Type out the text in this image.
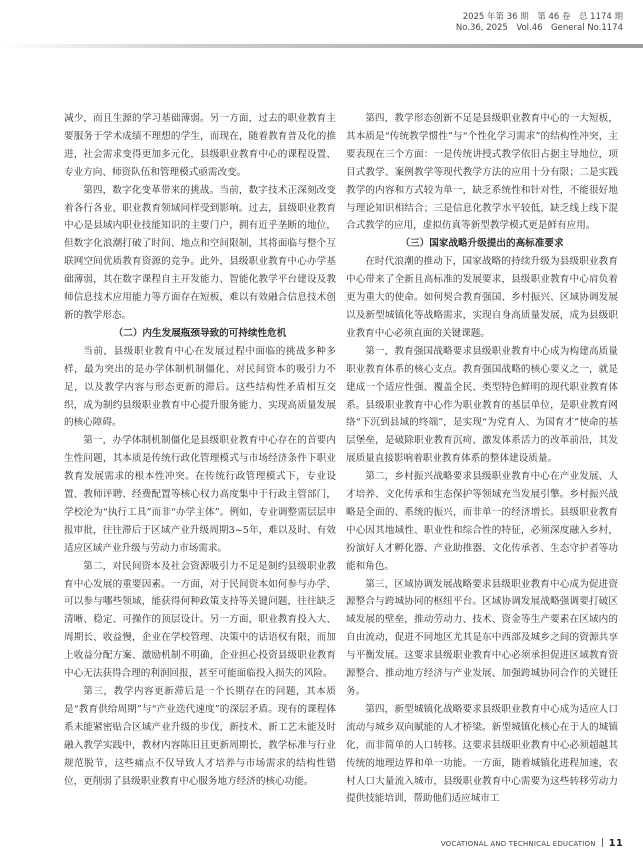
2025 年第 36 期　第 46 卷　总 1174 期
No.36, 2025　Vol.46　General No.1174

减少，而且生源的学习基础薄弱。另一方面，过去的职业教育主要服务于学术成绩不理想的学生，而现在，随着教育普及化的推进，社会需求变得更加多元化，县级职业教育中心的课程设置、专业方向、师资队伍和管理模式亟需改变。

第四，数字化变革带来的挑战。当前，数字技术正深刻改变着各行各业，职业教育领域同样受到影响。过去，县级职业教育中心是县域内职业技能知识的主要门户，拥有近乎垄断的地位，但数字化浪潮打破了时间、地点和空间限制，其将面临与整个互联网空间优质教育资源的竞争。此外，县级职业教育中心办学基础薄弱，其在数字课程自主开发能力、智能化教学平台建设及教师信息技术应用能力等方面存在短板，难以有效融合信息技术创新的教学形态。

（二）内生发展瓶颈导致的可持续性危机

当前，县级职业教育中心在发展过程中面临的挑战多种多样，最为突出的是办学体制机制僵化、对民间资本的吸引力不足，以及教学内容与形态更新的滞后。这些结构性矛盾相互交织，成为制约县级职业教育中心提升服务能力、实现高质量发展的核心障碍。

第一，办学体制机制僵化是县级职业教育中心存在的首要内生性问题，其本质是传统行政化管理模式与市场经济条件下职业教育发展需求的根本性冲突。在传统行政管理模式下，专业设置、教师评聘、经费配置等核心权力高度集中于行政主管部门，学校沦为“执行工具”而非“办学主体”。例如，专业调整需层层申报审批，往往滞后于区域产业升级周期3~5年，难以及时、有效适应区域产业升级与劳动力市场需求。

第二，对民间资本及社会资源吸引力不足是制约县级职业教育中心发展的重要因素。一方面，对于民间资本如何参与办学、可以参与哪些领域，能获得何种政策支持等关键问题，往往缺乏清晰、稳定、可操作的顶层设计。另一方面，职业教育投入大、周期长、收益慢，企业在学校管理、决策中的话语权有限，而加上收益分配方案、激励机制不明确，企业担心投资县级职业教育中心无法获得合理的利润回报，甚至可能面临投入损失的风险。

第三，教学内容更新滞后是一个长期存在的问题，其本质是“教育供给周期”与“产业迭代速度”的深层矛盾。现有的课程体系未能紧密贴合区域产业升级的步伐，新技术、新工艺未能及时融入教学实践中，教材内容陈旧且更新周期长，教学标准与行业规范脱节，这些痛点不仅导致人才培养与市场需求的结构性错位，更削弱了县级职业教育中心服务地方经济的核心功能。

第四，教学形态创新不足是县级职业教育中心的一大短板，其本质是“传统教学惯性”与“个性化学习需求”的结构性冲突，主要表现在三个方面：一是传统讲授式教学依旧占据主导地位，项目式教学、案例教学等现代教学方法的应用十分有限；二是实践教学的内容和方式较为单一，缺乏系统性和针对性，不能很好地与理论知识相结合；三是信息化教学水平较低，缺乏线上线下混合式教学的应用，虚拟仿真等新型教学模式更是鲜有应用。

（三）国家战略升级提出的高标准要求

在时代浪潮的推动下，国家战略的持续升级为县级职业教育中心带来了全新且高标准的发展要求，县级职业教育中心肩负着更为重大的使命。如何契合教育强国、乡村振兴、区域协调发展以及新型城镇化等战略需求，实现自身高质量发展，成为县级职业教育中心必须直面的关键课题。

第一，教育强国战略要求县级职业教育中心成为构建高质量职业教育体系的核心支点。教育强国战略的核心要义之一，就是建成一个适应性强、覆盖全民、类型特色鲜明的现代职业教育体系。县级职业教育中心作为职业教育的基层单位，是职业教育网络“下沉到县域的终端”，是实现“为党育人、为国育才”使命的基层堡垒，是破除职业教育沉疴、激发体系活力的改革前沿，其发展质量直接影响着职业教育体系的整体建设质量。

第二，乡村振兴战略要求县级职业教育中心在产业发展、人才培养、文化传承和生态保护等领域充当发展引擎。乡村振兴战略是全面的、系统的振兴，而非单一的经济增长。县级职业教育中心因其地域性、职业性和综合性的特征，必须深度融入乡村，扮演好人才孵化器、产业助推器、文化传承者、生态守护者等功能和角色。

第三，区域协调发展战略要求县级职业教育中心成为促进资源整合与跨城协同的枢纽平台。区域协调发展战略强调要打破区域发展的壁垒，推动劳动力、技术、资金等生产要素在区域内的自由流动，促进不同地区尤其是东中西部及城乡之间的资源共享与平衡发展。这要求县级职业教育中心必须承担促进区域教育资源整合、推动地方经济与产业发展、加强跨城协同合作的关键任务。

第四，新型城镇化战略要求县级职业教育中心成为适应人口流动与城乡双向赋能的人才桥梁。新型城镇化核心在于人的城镇化，而非简单的人口转移。这要求县级职业教育中心必须超越其传统的地理边界和单一功能。一方面，随着城镇化进程加速，农村人口大量流入城市，县级职业教育中心需要为这些转移劳动力提供技能培训，帮助他们适应城市工

VOCATIONAL AND TECHNICAL EDUCATION 11
